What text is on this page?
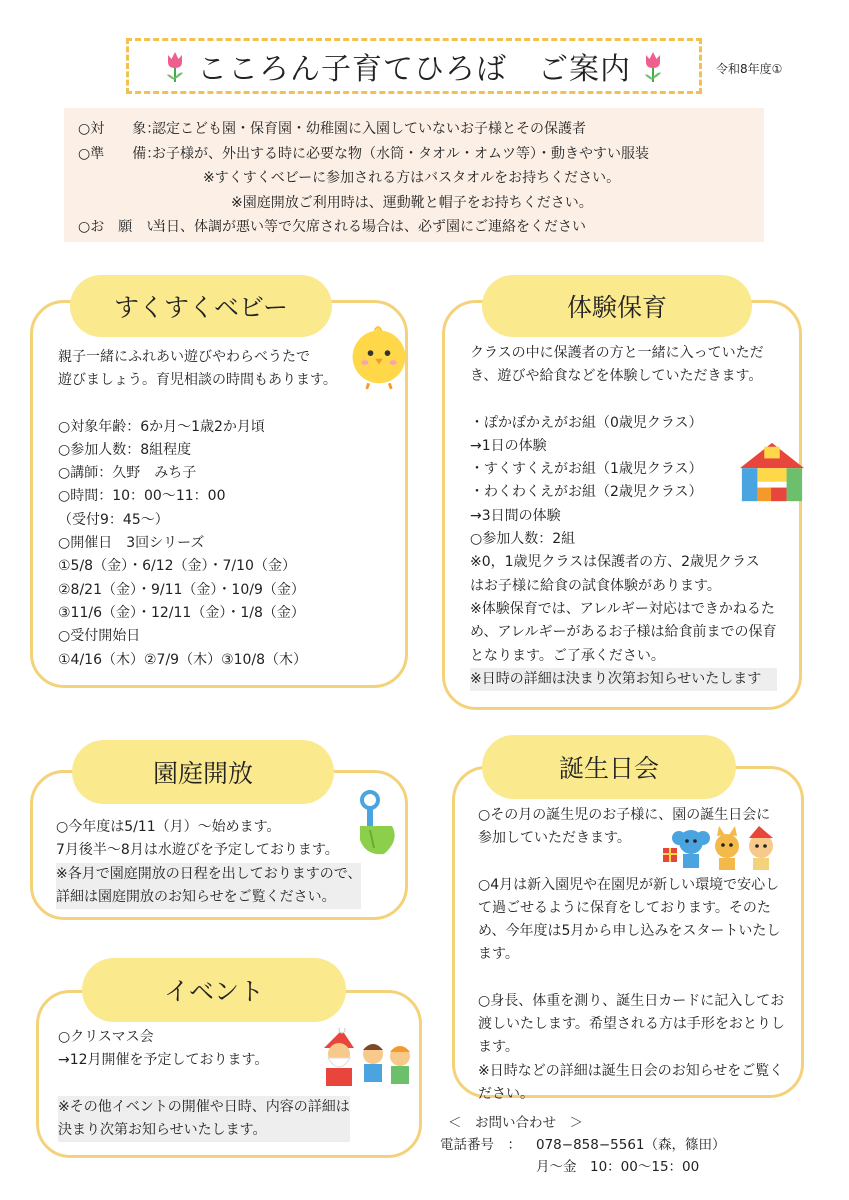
こころん子育てひろば　ご案内	令和8年度①
○対　　象：
認定こども園・保育園・幼稚園に入園していないお子様とその保護者
○準　　備：
お子様が、外出する時に必要な物（水筒・タオル・オムツ等）・動きやすい服装
※すくすくベビーに参加される方はバスタオルをお持ちください。
※園庭開放ご利用時は、運動靴と帽子をお持ちください。
○お　願　い：
当日、体調が悪い等で欠席される場合は、必ず園にご連絡をください
すくすくベビー

親子一緒にふれあい遊びやわらべうたで

遊びましょう。育児相談の時間もあります。

○対象年齢：6か月～1歳2か月頃

○参加人数：8組程度

○講師：久野　みち子

○時間：10：00～11：00

（受付9：45～）

○開催日　3回シリーズ

①5/8（金）・6/12（金）・7/10（金）

②8/21（金）・9/11（金）・10/9（金）

③11/6（金）・12/11（金）・1/8（金）

○受付開始日

①4/16（木）②7/9（木）③10/8（木）

体験保育

クラスの中に保護者の方と一緒に入っていただ

き、遊びや給食などを体験していただきます。

・ぽかぽかえがお組（0歳児クラス）

→1日の体験

・すくすくえがお組（1歳児クラス）

・わくわくえがお組（2歳児クラス）

→3日間の体験

○参加人数：2組

※0，1歳児クラスは保護者の方、2歳児クラス

はお子様に給食の試食体験があります。

※体験保育では、アレルギー対応はできかねるた

め、アレルギーがあるお子様は給食前までの保育

となります。ご了承ください。

※日時の詳細は決まり次第お知らせいたします

園庭開放

○今年度は5/11（月）～始めます。

7月後半～8月は水遊びを予定しております。

※各月で園庭開放の日程を出しておりますので、

詳細は園庭開放のお知らせをご覧ください。

誕生日会

○その月の誕生児のお子様に、園の誕生日会に

参加していただきます。

○4月は新入園児や在園児が新しい環境で安心し

て過ごせるように保育をしております。そのた

め、今年度は5月から申し込みをスタートいたし

ます。

○身長、体重を測り、誕生日カードに記入してお

渡しいたします。希望される方は手形をおとりし

ます。

※日時などの詳細は誕生日会のお知らせをご覧く

ださい。

イベント

○クリスマス会

→12月開催を予定しております。

※その他イベントの開催や日時、内容の詳細は

決まり次第お知らせいたします。	＜　お問い合わせ　＞
電話番号　：	078−858−5561（森，篠田）
月〜金　10：00〜15：00
